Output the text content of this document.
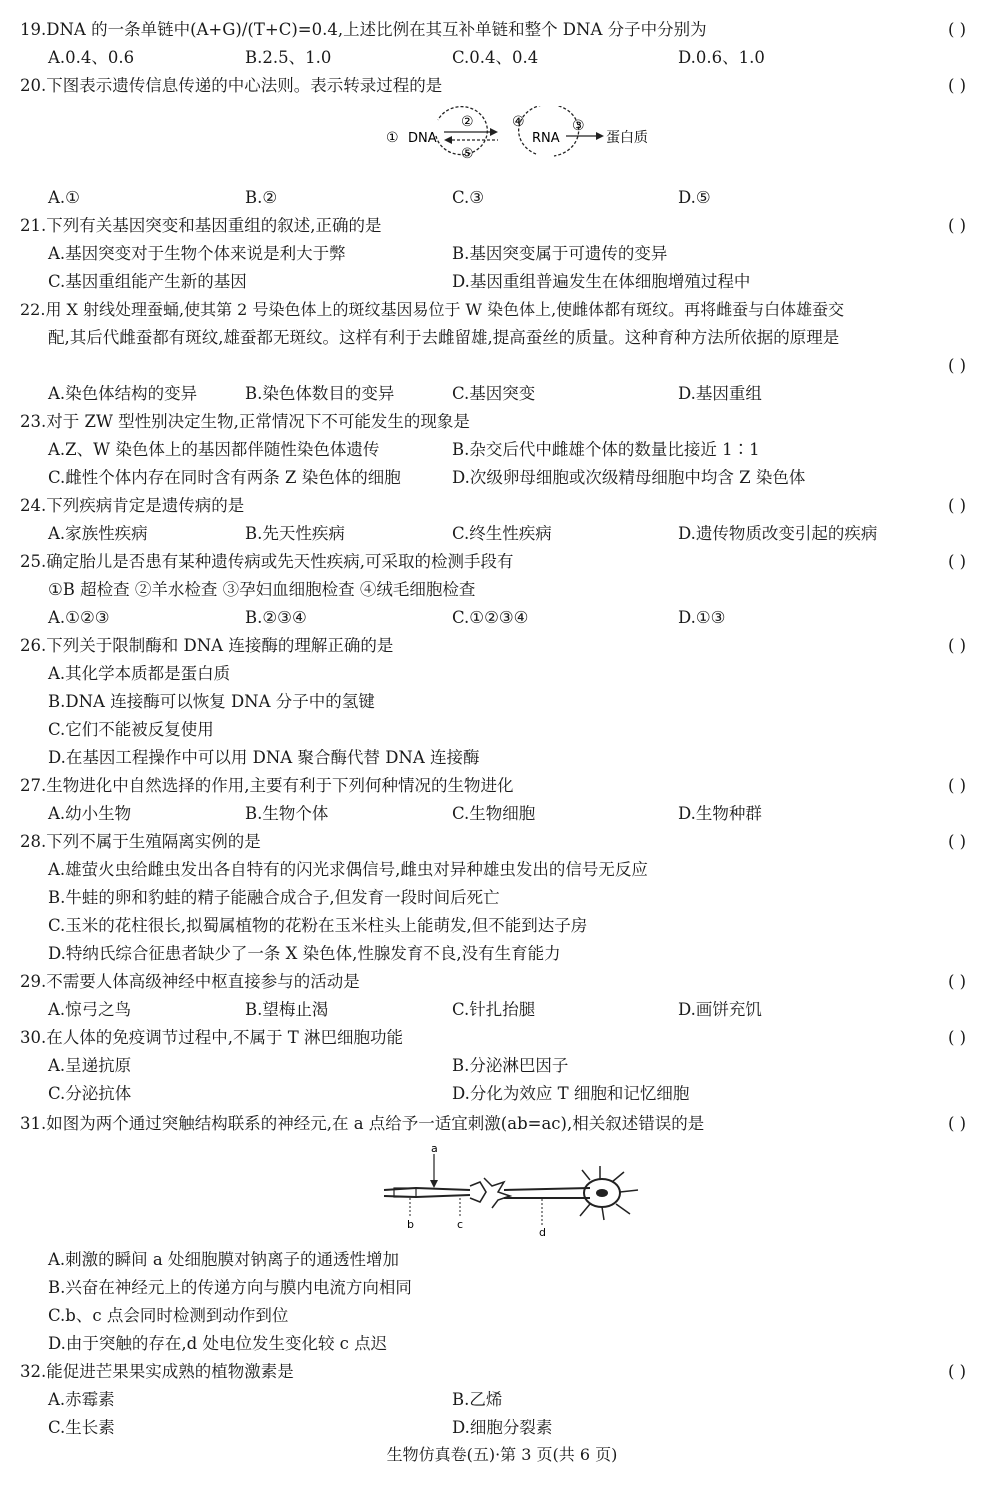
19.DNA 的一条单链中(A+G)/(T+C)=0.4,上述比例在其互补单链和整个 DNA 分子中分别为	( )
A.0.4、0.6	B.2.5、1.0	C.0.4、0.4	D.0.6、1.0
20.下图表示遗传信息传递的中心法则。表示转录过程的是	( )
① DNA
②
⑤
④
RNA
③
蛋白质
A.①	B.②	C.③	D.⑤
21.下列有关基因突变和基因重组的叙述,正确的是	( )
A.基因突变对于生物个体来说是利大于弊	B.基因突变属于可遗传的变异
C.基因重组能产生新的基因	D.基因重组普遍发生在体细胞增殖过程中
22.用 X 射线处理蚕蛹,使其第 2 号染色体上的斑纹基因易位于 W 染色体上,使雌体都有斑纹。再将雌蚕与白体雄蚕交
配,其后代雌蚕都有斑纹,雄蚕都无斑纹。这样有利于去雌留雄,提高蚕丝的质量。这种育种方法所依据的原理是
( )
A.染色体结构的变异	B.染色体数目的变异	C.基因突变	D.基因重组
23.对于 ZW 型性别决定生物,正常情况下不可能发生的现象是
A.Z、W 染色体上的基因都伴随性染色体遗传	B.杂交后代中雌雄个体的数量比接近 1∶1
C.雌性个体内存在同时含有两条 Z 染色体的细胞	D.次级卵母细胞或次级精母细胞中均含 Z 染色体
24.下列疾病肯定是遗传病的是	( )
A.家族性疾病	B.先天性疾病	C.终生性疾病	D.遗传物质改变引起的疾病
25.确定胎儿是否患有某种遗传病或先天性疾病,可采取的检测手段有	( )
①B 超检查 ②羊水检查 ③孕妇血细胞检查 ④绒毛细胞检查
A.①②③	B.②③④	C.①②③④	D.①③
26.下列关于限制酶和 DNA 连接酶的理解正确的是	( )
A.其化学本质都是蛋白质
B.DNA 连接酶可以恢复 DNA 分子中的氢键
C.它们不能被反复使用
D.在基因工程操作中可以用 DNA 聚合酶代替 DNA 连接酶
27.生物进化中自然选择的作用,主要有利于下列何种情况的生物进化	( )
A.幼小生物	B.生物个体	C.生物细胞	D.生物种群
28.下列不属于生殖隔离实例的是	( )
A.雄萤火虫给雌虫发出各自特有的闪光求偶信号,雌虫对异种雄虫发出的信号无反应
B.牛蛙的卵和豹蛙的精子能融合成合子,但发育一段时间后死亡
C.玉米的花柱很长,拟蜀属植物的花粉在玉米柱头上能萌发,但不能到达子房
D.特纳氏综合征患者缺少了一条 X 染色体,性腺发育不良,没有生育能力
29.不需要人体高级神经中枢直接参与的活动是	( )
A.惊弓之鸟	B.望梅止渴	C.针扎抬腿	D.画饼充饥
30.在人体的免疫调节过程中,不属于 T 淋巴细胞功能	( )
A.呈递抗原	B.分泌淋巴因子
C.分泌抗体	D.分化为效应 T 细胞和记忆细胞
31.如图为两个通过突触结构联系的神经元,在 a 点给予一适宜刺激(ab=ac),相关叙述错误的是	( )
a
b	c
d
A.刺激的瞬间 a 处细胞膜对钠离子的通透性增加
B.兴奋在神经元上的传递方向与膜内电流方向相同
C.b、c 点会同时检测到动作到位
D.由于突触的存在,d 处电位发生变化较 c 点迟
32.能促进芒果果实成熟的植物激素是	( )
A.赤霉素	B.乙烯
C.生长素	D.细胞分裂素
生物仿真卷(五)·第 3 页(共 6 页)
